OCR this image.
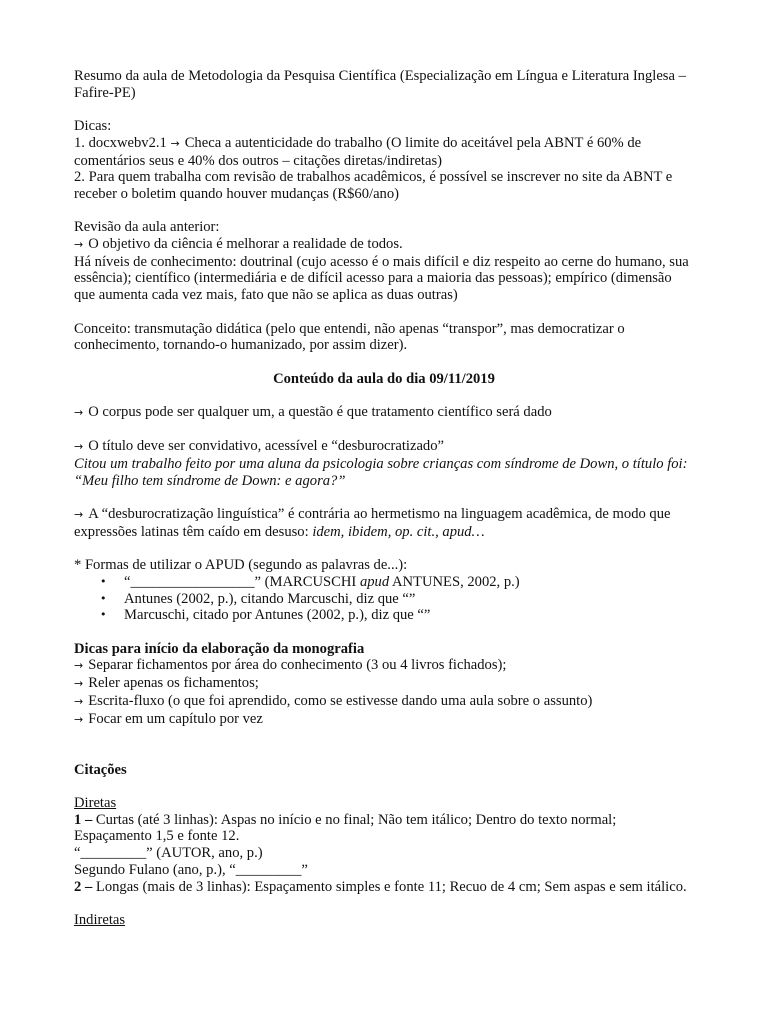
Resumo da aula de Metodologia da Pesquisa Científica (Especialização em Língua e Literatura Inglesa – Fafire-PE)

Dicas:

1. docxwebv2.1 → Checa a autenticidade do trabalho (O limite do aceitável pela ABNT é 60% de comentários seus e 40% dos outros – citações diretas/indiretas)

2. Para quem trabalha com revisão de trabalhos acadêmicos, é possível se inscrever no site da ABNT e receber o boletim quando houver mudanças (R$60/ano)

Revisão da aula anterior:

→ O objetivo da ciência é melhorar a realidade de todos.

Há níveis de conhecimento: doutrinal (cujo acesso é o mais difícil e diz respeito ao cerne do humano, sua essência); científico (intermediária e de difícil acesso para a maioria das pessoas); empírico (dimensão que aumenta cada vez mais, fato que não se aplica as duas outras)

Conceito: transmutação didática (pelo que entendi, não apenas “transpor”, mas democratizar o conhecimento, tornando-o humanizado, por assim dizer).

Conteúdo da aula do dia 09/11/2019

→ O corpus pode ser qualquer um, a questão é que tratamento científico será dado

→ O título deve ser convidativo, acessível e “desburocratizado”

Citou um trabalho feito por uma aluna da psicologia sobre crianças com síndrome de Down, o título foi: “Meu filho tem síndrome de Down: e agora?”

→ A “desburocratização linguística” é contrária ao hermetismo na linguagem acadêmica, de modo que expressões latinas têm caído em desuso: idem, ibidem, op. cit., apud…

* Formas de utilizar o APUD (segundo as palavras de...):

• “_________________” (MARCUSCHI apud ANTUNES, 2002, p.)
• Antunes (2002, p.), citando Marcuschi, diz que “”
• Marcuschi, citado por Antunes (2002, p.), diz que “”

Dicas para início da elaboração da monografia

→ Separar fichamentos por área do conhecimento (3 ou 4 livros fichados);

→ Reler apenas os fichamentos;

→ Escrita-fluxo (o que foi aprendido, como se estivesse dando uma aula sobre o assunto)

→ Focar em um capítulo por vez

Citações

Diretas

1 – Curtas (até 3 linhas): Aspas no início e no final; Não tem itálico; Dentro do texto normal; Espaçamento 1,5 e fonte 12.

“_________” (AUTOR, ano, p.)

Segundo Fulano (ano, p.), “_________”

2 – Longas (mais de 3 linhas): Espaçamento simples e fonte 11; Recuo de 4 cm; Sem aspas e sem itálico.

Indiretas
